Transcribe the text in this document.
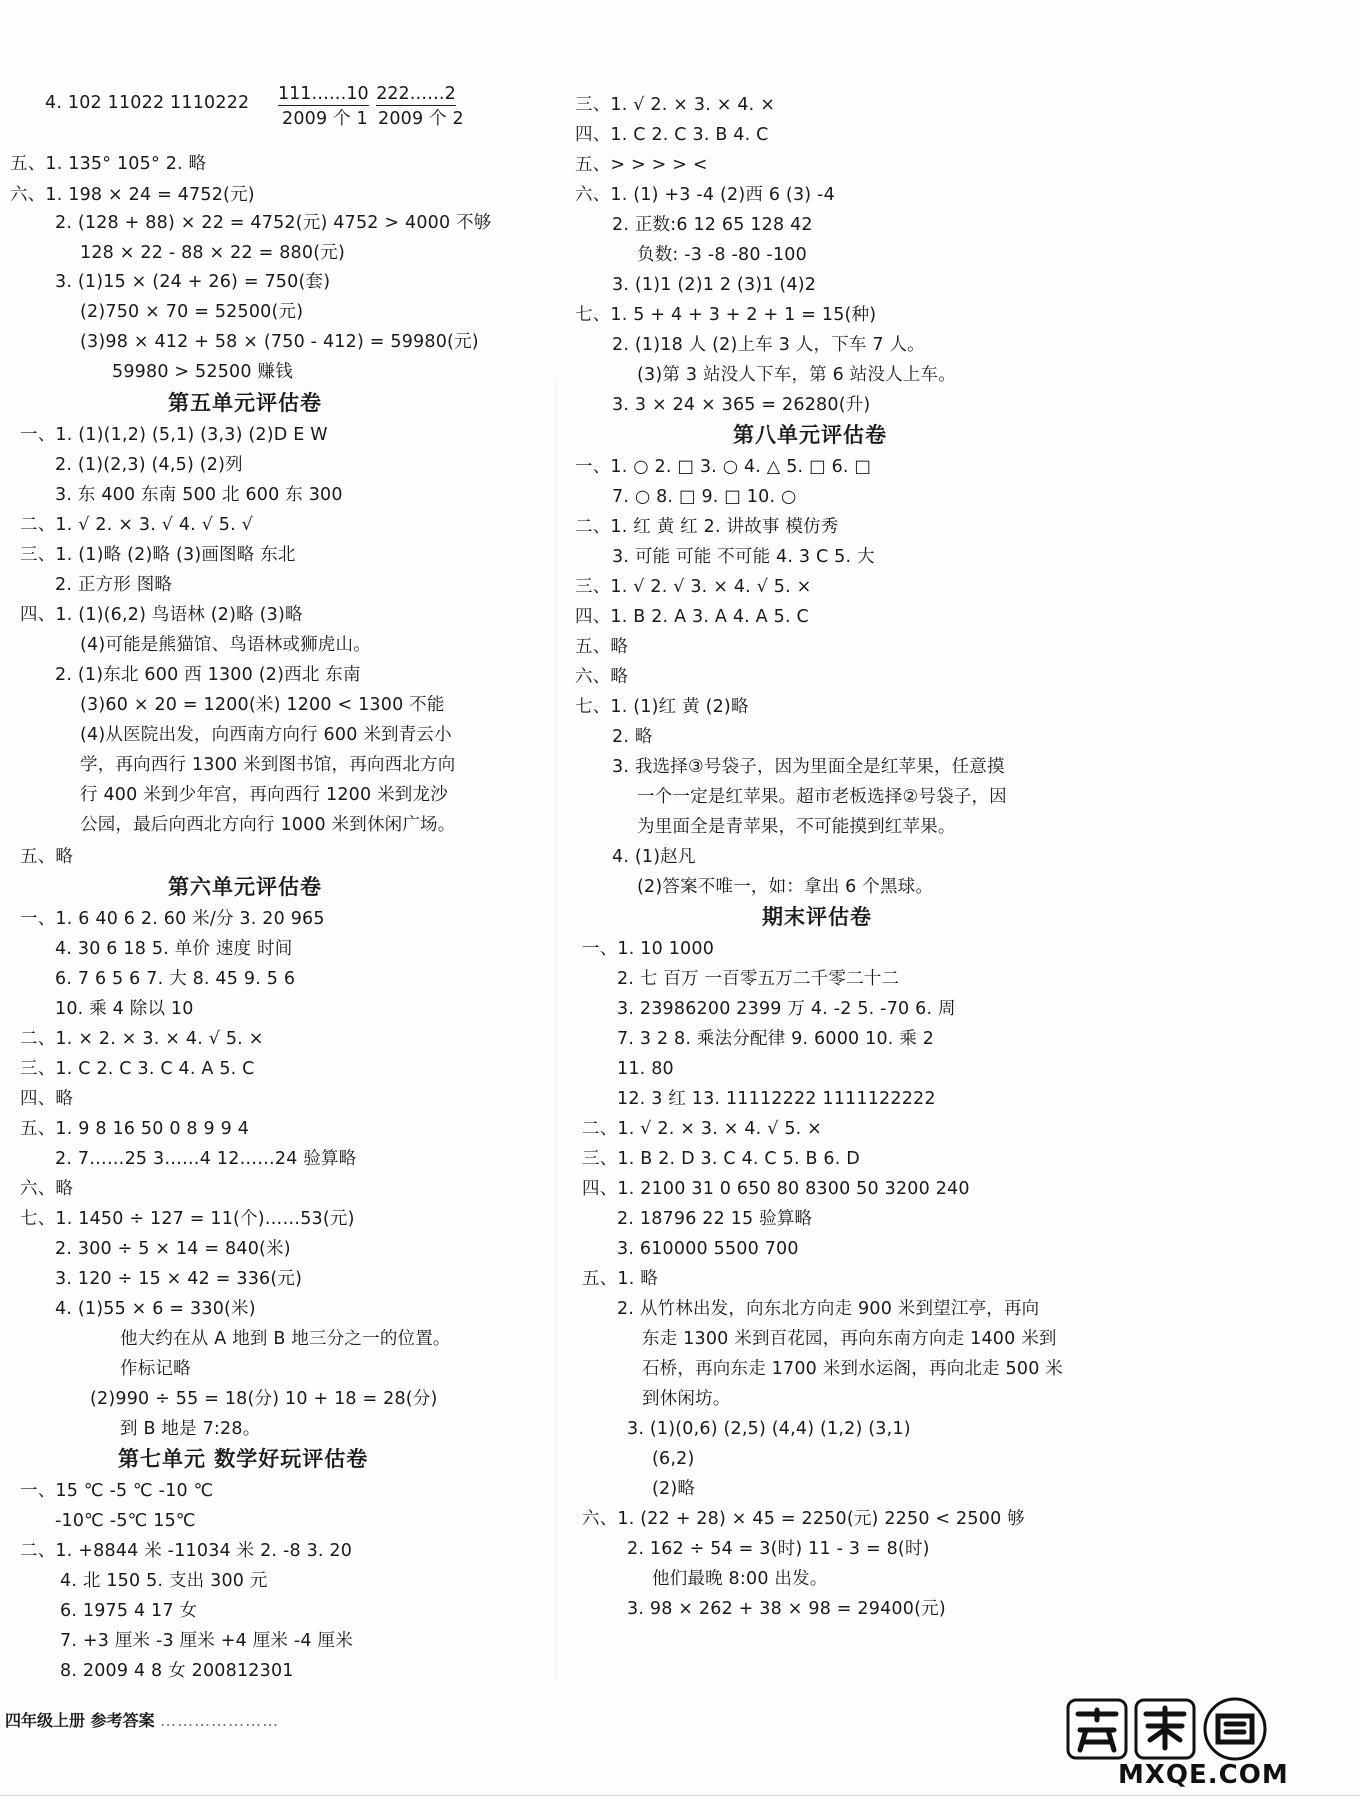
4. 102 11022 1110222 111……10 222……2
2009 个 1 2009 个 2
五、1. 135° 105° 2. 略
六、1. 198 × 24 = 4752(元)
2. (128 + 88) × 22 = 4752(元) 4752 > 4000 不够
128 × 22 - 88 × 22 = 880(元)
3. (1)15 × (24 + 26) = 750(套)
(2)750 × 70 = 52500(元)
(3)98 × 412 + 58 × (750 - 412) = 59980(元)
59980 > 52500 赚钱
第五单元评估卷
一、1. (1)(1,2) (5,1) (3,3) (2)D E W
2. (1)(2,3) (4,5) (2)列
3. 东 400 东南 500 北 600 东 300
二、1. √ 2. × 3. √ 4. √ 5. √
三、1. (1)略 (2)略 (3)画图略 东北
2. 正方形 图略
四、1. (1)(6,2) 鸟语林 (2)略 (3)略
(4)可能是熊猫馆、鸟语林或狮虎山。
2. (1)东北 600 西 1300 (2)西北 东南
(3)60 × 20 = 1200(米) 1200 < 1300 不能
(4)从医院出发，向西南方向行 600 米到青云小
学，再向西行 1300 米到图书馆，再向西北方向
行 400 米到少年宫，再向西行 1200 米到龙沙
公园，最后向西北方向行 1000 米到休闲广场。
五、略
第六单元评估卷
一、1. 6 40 6 2. 60 米/分 3. 20 965
4. 30 6 18 5. 单价 速度 时间
6. 7 6 5 6 7. 大 8. 45 9. 5 6
10. 乘 4 除以 10
二、1. × 2. × 3. × 4. √ 5. ×
三、1. C 2. C 3. C 4. A 5. C
四、略
五、1. 9 8 16 50 0 8 9 9 4
2. 7……25 3……4 12……24 验算略
六、略
七、1. 1450 ÷ 127 = 11(个)……53(元)
2. 300 ÷ 5 × 14 = 840(米)
3. 120 ÷ 15 × 42 = 336(元)
4. (1)55 × 6 = 330(米)
他大约在从 A 地到 B 地三分之一的位置。
作标记略
(2)990 ÷ 55 = 18(分) 10 + 18 = 28(分)
到 B 地是 7:28。
第七单元 数学好玩评估卷
一、15 ℃ -5 ℃ -10 ℃
-10℃ -5℃ 15℃
二、1. +8844 米 -11034 米 2. -8 3. 20
4. 北 150 5. 支出 300 元
6. 1975 4 17 女
7. +3 厘米 -3 厘米 +4 厘米 -4 厘米
8. 2009 4 8 女 200812301
三、1. √ 2. × 3. × 4. ×
四、1. C 2. C 3. B 4. C
五、> > > > <
六、1. (1) +3 -4 (2)西 6 (3) -4
2. 正数:6 12 65 128 42
负数: -3 -8 -80 -100
3. (1)1 (2)1 2 (3)1 (4)2
七、1. 5 + 4 + 3 + 2 + 1 = 15(种)
2. (1)18 人 (2)上车 3 人，下车 7 人。
(3)第 3 站没人下车，第 6 站没人上车。
3. 3 × 24 × 365 = 26280(升)
第八单元评估卷
一、1. ○ 2. □ 3. ○ 4. △ 5. □ 6. □
7. ○ 8. □ 9. □ 10. ○
二、1. 红 黄 红 2. 讲故事 模仿秀
3. 可能 可能 不可能 4. 3 C 5. 大
三、1. √ 2. √ 3. × 4. √ 5. ×
四、1. B 2. A 3. A 4. A 5. C
五、略
六、略
七、1. (1)红 黄 (2)略
2. 略
3. 我选择③号袋子，因为里面全是红苹果，任意摸
一个一定是红苹果。超市老板选择②号袋子，因
为里面全是青苹果，不可能摸到红苹果。
4. (1)赵凡
(2)答案不唯一，如：拿出 6 个黑球。
期末评估卷
一、1. 10 1000
2. 七 百万 一百零五万二千零二十二
3. 23986200 2399 万 4. -2 5. -70 6. 周
7. 3 2 8. 乘法分配律 9. 6000 10. 乘 2
11. 80
12. 3 红 13. 11112222 1111122222
二、1. √ 2. × 3. × 4. √ 5. ×
三、1. B 2. D 3. C 4. C 5. B 6. D
四、1. 2100 31 0 650 80 8300 50 3200 240
2. 18796 22 15 验算略
3. 610000 5500 700
五、1. 略
2. 从竹林出发，向东北方向走 900 米到望江亭，再向
东走 1300 米到百花园，再向东南方向走 1400 米到
石桥，再向东走 1700 米到水运阁，再向北走 500 米
到休闲坊。
3. (1)(0,6) (2,5) (4,4) (1,2) (3,1)
(6,2)
(2)略
六、1. (22 + 28) × 45 = 2250(元) 2250 < 2500 够
2. 162 ÷ 54 = 3(时) 11 - 3 = 8(时)
他们最晚 8:00 出发。
3. 98 × 262 + 38 × 98 = 29400(元)
四年级上册 参考答案 …………………
MXQE.COM
